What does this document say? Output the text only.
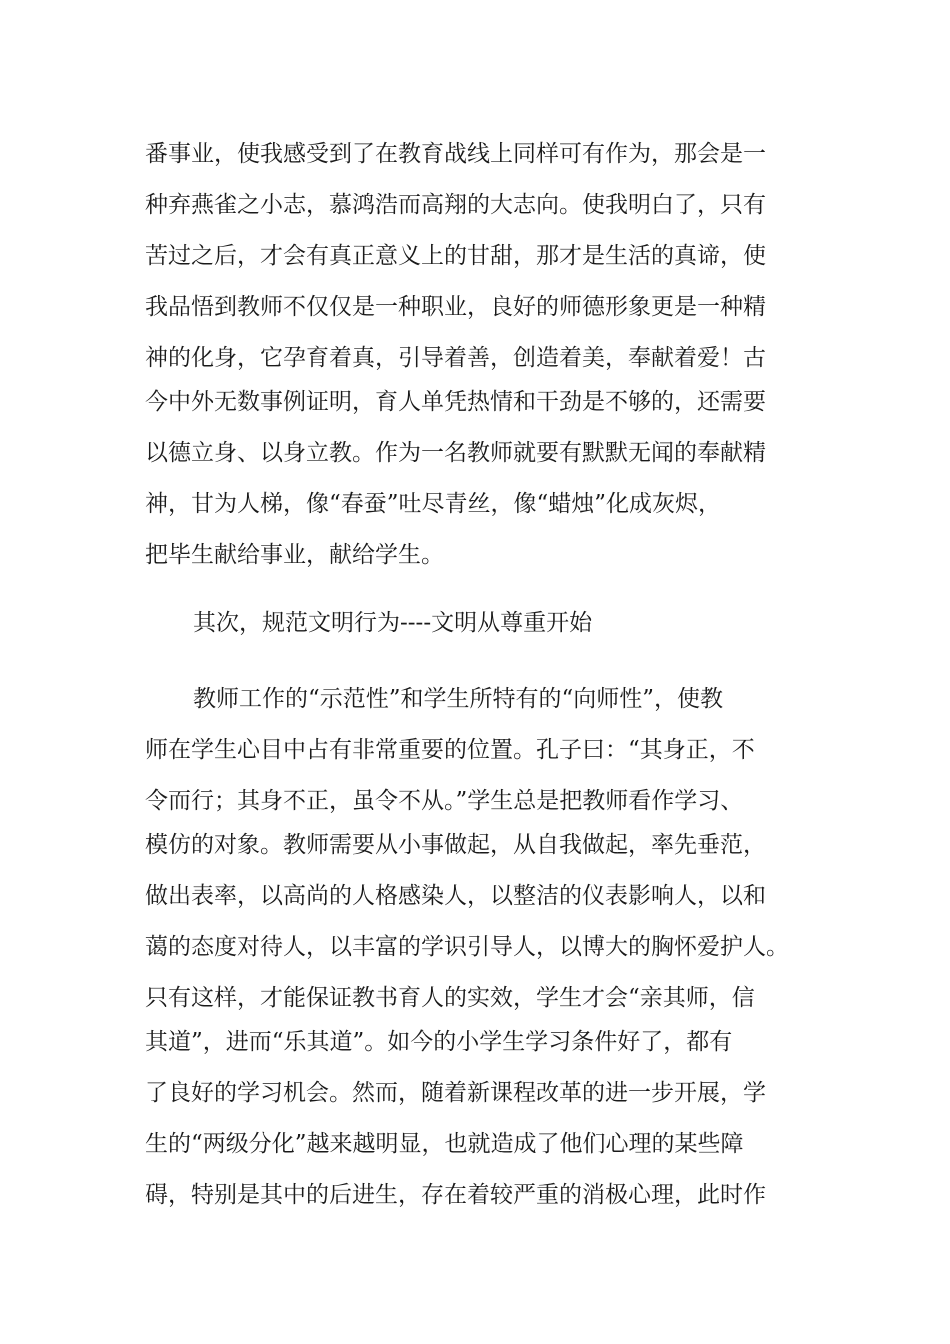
番事业，使我感受到了在教育战线上同样可有作为，那会是一
种弃燕雀之小志，慕鸿浩而高翔的大志向。使我明白了，只有
苦过之后，才会有真正意义上的甘甜，那才是生活的真谛，使
我品悟到教师不仅仅是一种职业，良好的师德形象更是一种精
神的化身，它孕育着真，引导着善，创造着美，奉献着爱！古
今中外无数事例证明，育人单凭热情和干劲是不够的，还需要
以德立身、以身立教。作为一名教师就要有默默无闻的奉献精
神，甘为人梯，像“春蚕”吐尽青丝，像“蜡烛”化成灰烬，
把毕生献给事业，献给学生。
其次，规范文明行为----文明从尊重开始
教师工作的“示范性”和学生所特有的“向师性”，使教
师在学生心目中占有非常重要的位置。孔子曰：“其身正，不
令而行；其身不正，虽令不从。”学生总是把教师看作学习、
模仿的对象。教师需要从小事做起，从自我做起，率先垂范，
做出表率，以高尚的人格感染人，以整洁的仪表影响人，以和
蔼的态度对待人，以丰富的学识引导人，以博大的胸怀爱护人。
只有这样，才能保证教书育人的实效，学生才会“亲其师，信
其道”，进而“乐其道”。如今的小学生学习条件好了，都有
了良好的学习机会。然而，随着新课程改革的进一步开展，学
生的“两级分化”越来越明显，也就造成了他们心理的某些障
碍，特别是其中的后进生，存在着较严重的消极心理，此时作
